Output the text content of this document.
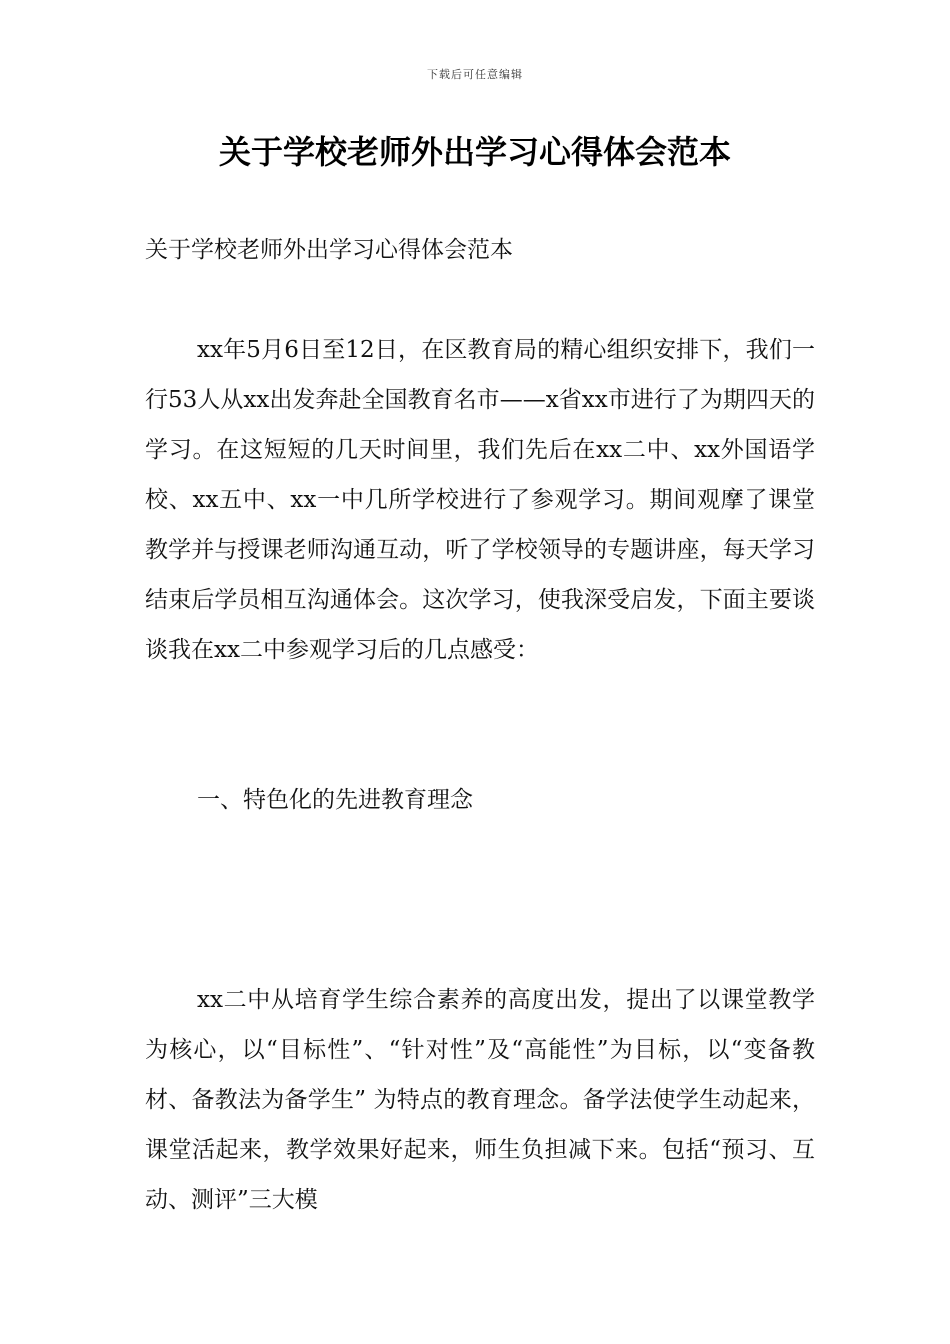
下载后可任意编辑
关于学校老师外出学习心得体会范本

关于学校老师外出学习心得体会范本

xx年5月6日至12日，在区教育局的精心组织安排下，我们一行53人从xx出发奔赴全国教育名市——x省xx市进行了为期四天的学习。在这短短的几天时间里，我们先后在xx二中、xx外国语学校、xx五中、xx一中几所学校进行了参观学习。期间观摩了课堂教学并与授课老师沟通互动，听了学校领导的专题讲座，每天学习结束后学员相互沟通体会。这次学习，使我深受启发，下面主要谈谈我在xx二中参观学习后的几点感受：

一、特色化的先进教育理念

xx二中从培育学生综合素养的高度出发，提出了以课堂教学为核心，以“目标性”、“针对性”及“高能性”为目标，以“变备教材、备教法为备学生” 为特点的教育理念。备学法使学生动起来，课堂活起来，教学效果好起来，师生负担减下来。包括“预习、互动、测评”三大模
